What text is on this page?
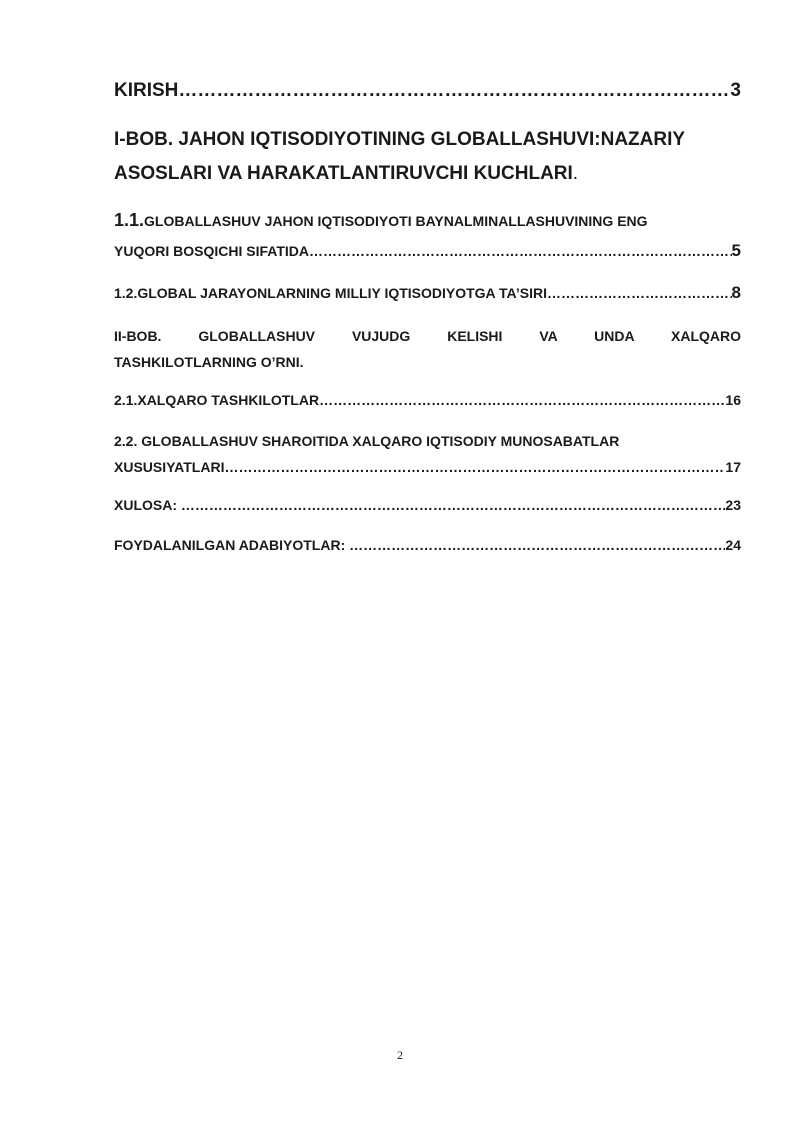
KIRISH ……………………………………………………………………………………………………………………………………………………………………………………………………………………………………………………………	3
I-BOB. JAHON IQTISODIYOTINING GLOBALLASHUVI:NAZARIY
ASOSLARI VA HARAKATLANTIRUVCHI KUCHLARI.
1.1.GLOBALLASHUV JAHON IQTISODIYOTI BAYNALMINALLASHUVINING ENG
YUQORI BOSQICHI SIFATIDA ……………………………………………………………………………………………………………………………………………………………………………………………………………………………………………………………	5
1.2.GLOBAL JARAYONLARNING MILLIY IQTISODIYOTGA TA’SIRI ……………………………………………………………………………………………………………………………………………………………………………………………………………………………………………………………	8
II-BOB. GLOBALLASHUV VUJUDG KELISHI VA UNDA XALQARO
TASHKILOTLARNING O’RNI.
2.1.XALQARO TASHKILOTLAR ……………………………………………………………………………………………………………………………………………………………………………………………………………………………………………………………	16
2.2. GLOBALLASHUV SHAROITIDA XALQARO IQTISODIY MUNOSABATLAR
XUSUSIYATLARI ……………………………………………………………………………………………………………………………………………………………………………………………………………………………………………………………	17
XULOSA: ……………………………………………………………………………………………………………………………………………………………………………………………………………………………………………………………	23
FOYDALANILGAN ADABIYOTLAR: ……………………………………………………………………………………………………………………………………………………………………………………………………………………………………………………………	24
2
